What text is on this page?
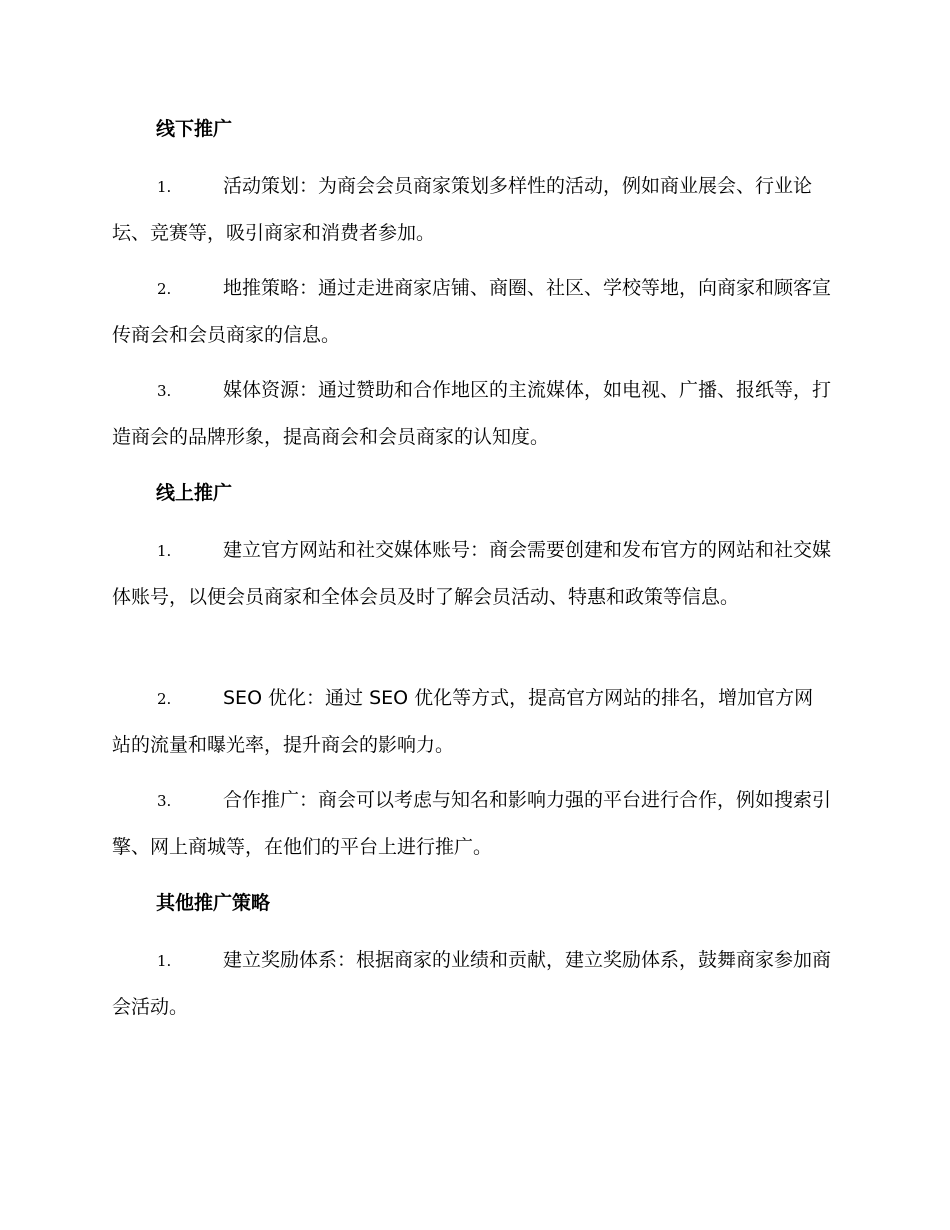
线下推广
1.	活动策划：为商会会员商家策划多样性的活动，例如商业展会、行业论坛、竞赛等，吸引商家和消费者参加。
2.	地推策略：通过走进商家店铺、商圈、社区、学校等地，向商家和顾客宣传商会和会员商家的信息。
3.	媒体资源：通过赞助和合作地区的主流媒体，如电视、广播、报纸等，打造商会的品牌形象，提高商会和会员商家的认知度。
线上推广
1.	建立官方网站和社交媒体账号：商会需要创建和发布官方的网站和社交媒体账号，以便会员商家和全体会员及时了解会员活动、特惠和政策等信息。
2.	SEO 优化：通过 SEO 优化等方式，提高官方网站的排名，增加官方网站的流量和曝光率，提升商会的影响力。
3.	合作推广：商会可以考虑与知名和影响力强的平台进行合作，例如搜索引擎、网上商城等，在他们的平台上进行推广。
其他推广策略
1.	建立奖励体系：根据商家的业绩和贡献，建立奖励体系，鼓舞商家参加商会活动。
